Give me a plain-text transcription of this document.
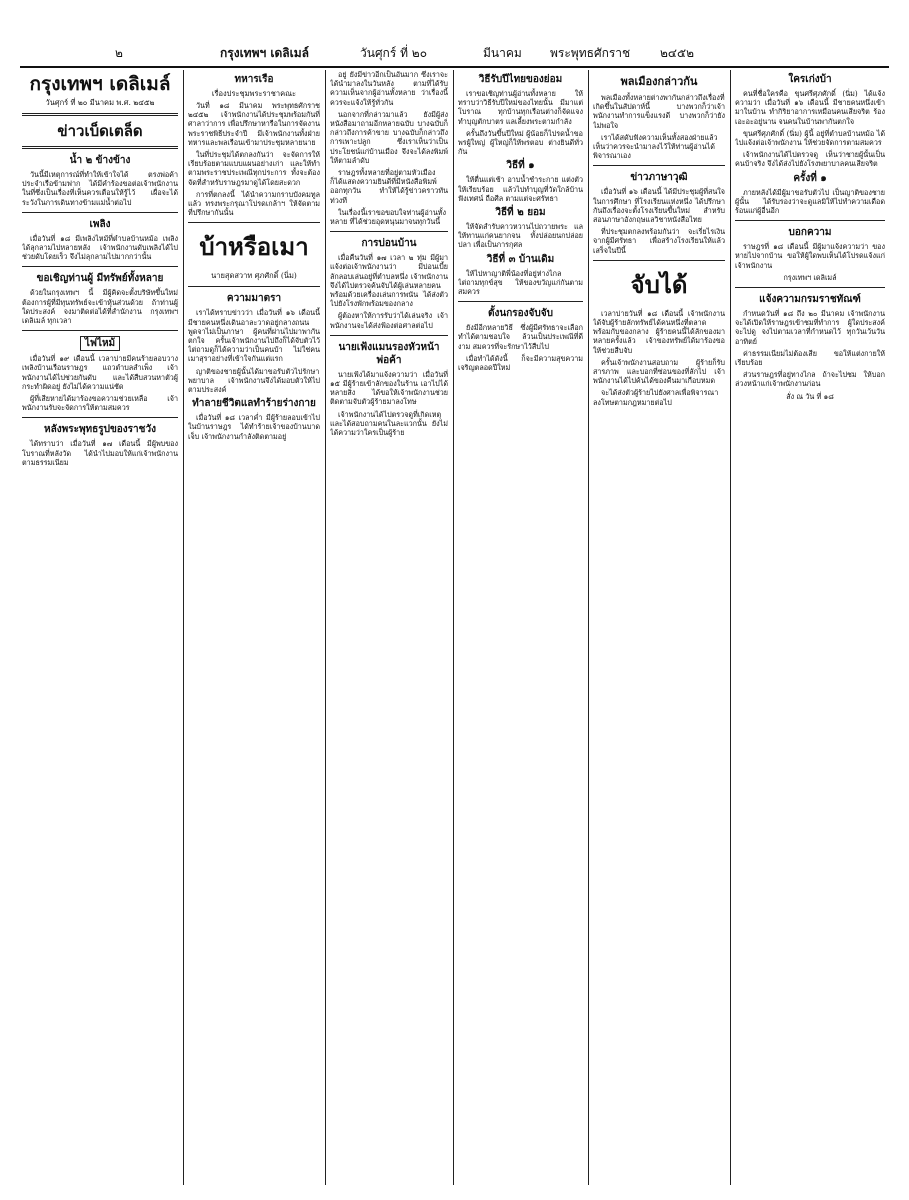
๒	กรุงเทพฯ เดลิเมล์	วันศุกร์ ที่ ๒๐	มีนาคม พระพุทธศักราช ๒๔๕๒
กรุงเทพฯ เดลิเมล์
วันศุกร์ ที่ ๒๐ มีนาคม พ.ศ. ๒๔๕๒
ข่าวเบ็ดเตล็ด
น้ำ ๒ ข้างข้าง

วันนี้มีเหตุการณ์ที่ทำให้เข้าใจได้ ตรงพ่อค้าประจำเรือข้ามฟาก ได้มีคำร้องขอต่อเจ้าพนักงานในที่ซึ่งเป็นเรื่องที่เห็นควรเตือนให้รู้ไว้ เผื่อจะได้ระวังในการเดินทางข้ามแม่น้ำต่อไป

เพลิง

เมื่อวันที่ ๑๘ มีเพลิงไหม้ที่ตำบลบ้านหม้อ เพลิงได้ลุกลามไปหลายหลัง เจ้าพนักงานดับเพลิงได้ไปช่วยดับโดยเร็ว จึงไม่ลุกลามไปมากกว่านั้น

ขอเชิญท่านผู้ มีทรัพย์ทั้งหลาย

ด้วยในกรุงเทพฯ นี้ มีผู้คิดจะตั้งบริษัทขึ้นใหม่ ต้องการผู้ที่มีทุนทรัพย์จะเข้าหุ้นส่วนด้วย ถ้าท่านผู้ใดประสงค์ จงมาติดต่อได้ที่สำนักงาน กรุงเทพฯ เดลิเมล์ ทุกเวลา

ไฟไหม้

เมื่อวันที่ ๑๙ เดือนนี้ เวลาบ่ายมีคนร้ายลอบวางเพลิงบ้านเรือนราษฎร แถวตำบลสำเพ็ง เจ้าพนักงานได้ไปช่วยกันดับ และได้สืบสวนหาตัวผู้กระทำผิดอยู่ ยังไม่ได้ความแน่ชัด

ผู้ที่เสียหายได้มาร้องขอความช่วยเหลือ เจ้าพนักงานรับจะจัดการให้ตามสมควร

หลังพระพุทธรูปของราชวัง

ได้ทราบว่า เมื่อวันที่ ๑๗ เดือนนี้ มีผู้พบของโบราณที่หลังวัด ได้นำไปมอบให้แก่เจ้าพนักงาน ตามธรรมเนียม

ทหารเรือ
เรื่องประชุมพระราชาคณะ

วันที่ ๑๘ มีนาคม พระพุทธศักราช ๒๔๕๒ เจ้าพนักงานได้ประชุมพร้อมกันที่ศาลาว่าการ เพื่อปรึกษาหารือในการจัดงานพระราชพิธีประจำปี มีเจ้าพนักงานทั้งฝ่ายทหารและพลเรือนเข้ามาประชุมหลายนาย

ในที่ประชุมได้ตกลงกันว่า จะจัดการให้เรียบร้อยตามแบบแผนอย่างเก่า และให้ทำตามพระราชประเพณีทุกประการ ทั้งจะต้องจัดที่สำหรับราษฎรมาดูได้โดยสะดวก

การที่ตกลงนี้ ได้นำความกราบบังคมทูลแล้ว ทรงพระกรุณาโปรดเกล้าฯ ให้จัดตามที่ปรึกษากันนั้น

บ้าหรือเมา
นายสุดสวาท ศุภศักดิ์ (นิ่ม)
ความมาตรา

เราได้ทราบข่าวว่า เมื่อวันที่ ๑๖ เดือนนี้ มีชายคนหนึ่งเดินอาละวาดอยู่กลางถนน พูดจาไม่เป็นภาษา ผู้คนที่ผ่านไปมาพากันตกใจ ครั้นเจ้าพนักงานไปถึงก็ได้จับตัวไว้ ไต่ถามดูก็ได้ความว่าเป็นคนบ้า ไม่ใช่คนเมาสุราอย่างที่เข้าใจกันแต่แรก

ญาติของชายผู้นั้นได้มาขอรับตัวไปรักษาพยาบาล เจ้าพนักงานจึงได้มอบตัวให้ไปตามประสงค์

ทำลายชีวิตแลทำร้ายร่างกาย

เมื่อวันที่ ๑๘ เวลาค่ำ มีผู้ร้ายลอบเข้าไปในบ้านราษฎร ได้ทำร้ายเจ้าของบ้านบาดเจ็บ เจ้าพนักงานกำลังติดตามอยู่

อยู่ ยังมีข่าวอีกเป็นอันมาก ซึ่งเราจะได้นำมาลงในวันหลัง ตามที่ได้รับความเห็นจากผู้อ่านทั้งหลาย ว่าเรื่องนี้ควรจะแจ้งให้รู้ทั่วกัน

นอกจากที่กล่าวมาแล้ว ยังมีผู้ส่งหนังสือมาถามอีกหลายฉบับ บางฉบับก็กล่าวถึงการค้าขาย บางฉบับก็กล่าวถึงการเพาะปลูก ซึ่งเราเห็นว่าเป็นประโยชน์แก่บ้านเมือง จึงจะได้ลงพิมพ์ให้ตามลำดับ

ราษฎรทั้งหลายที่อยู่ตามหัวเมือง ก็ได้แสดงความยินดีที่มีหนังสือพิมพ์ออกทุกวัน ทำให้ได้รู้ข่าวคราวทันท่วงที

ในเรื่องนี้เราขอขอบใจท่านผู้อ่านทั้งหลาย ที่ได้ช่วยอุดหนุนมาจนทุกวันนี้

การบ่อนบ้าน

เมื่อคืนวันที่ ๑๗ เวลา ๒ ทุ่ม มีผู้มาแจ้งต่อเจ้าพนักงานว่า มีบ่อนเบี้ยลักลอบเล่นอยู่ที่ตำบลหนึ่ง เจ้าพนักงานจึงได้ไปตรวจค้นจับได้ผู้เล่นหลายคน พร้อมด้วยเครื่องเล่นการพนัน ได้ส่งตัวไปยังโรงพักพร้อมของกลาง

ผู้ต้องหาให้การรับว่าได้เล่นจริง เจ้าพนักงานจะได้ส่งฟ้องต่อศาลต่อไป

นายเฟ้งแมนรองหัวหน้าพ่อค้า

นายเฟ้งได้มาแจ้งความว่า เมื่อวันที่ ๑๕ มีผู้ร้ายเข้าลักของในร้าน เอาไปได้หลายสิ่ง ได้ขอให้เจ้าพนักงานช่วยติดตามจับตัวผู้ร้ายมาลงโทษ

เจ้าพนักงานได้ไปตรวจดูที่เกิดเหตุ และได้สอบถามคนในละแวกนั้น ยังไม่ได้ความว่าใครเป็นผู้ร้าย

วิธีรับปีไทยของย่อม

เราขอเชิญท่านผู้อ่านทั้งหลาย ให้ทราบว่าวิธีรับปีใหม่ของไทยนั้น มีมาแต่โบราณ ทุกบ้านทุกเรือนต่างก็จัดแจงทำบุญตักบาตร แลเลี้ยงพระตามกำลัง

ครั้นถึงวันขึ้นปีใหม่ ผู้น้อยก็ไปรดน้ำขอพรผู้ใหญ่ ผู้ใหญ่ก็ให้พรตอบ ต่างยินดีทั่วกัน

วิธีที่ ๑

ให้ตื่นแต่เช้า อาบน้ำชำระกาย แต่งตัวให้เรียบร้อย แล้วไปทำบุญที่วัดใกล้บ้าน ฟังเทศน์ ถือศีล ตามแต่จะศรัทธา

วิธีที่ ๒ ยอม

ให้จัดสำรับคาวหวานไปถวายพระ แลให้ทานแก่คนยากจน ทั้งปล่อยนกปล่อยปลา เพื่อเป็นการกุศล

วิธีที่ ๓ บ้านเดิม

ให้ไปหาญาติพี่น้องที่อยู่ห่างไกล ไต่ถามทุกข์สุข ให้ของขวัญแก่กันตามสมควร

ตั้งนกรองจับจับ

ยังมีอีกหลายวิธี ซึ่งผู้มีศรัทธาจะเลือกทำได้ตามชอบใจ ล้วนเป็นประเพณีที่ดีงาม สมควรที่จะรักษาไว้สืบไป

เมื่อทำได้ดังนี้ ก็จะมีความสุขความเจริญตลอดปีใหม่

พลเมืองกล่าวกัน

พลเมืองทั้งหลายต่างพากันกล่าวถึงเรื่องที่เกิดขึ้นในสัปดาห์นี้ บางพวกก็ว่าเจ้าพนักงานทำการแข็งแรงดี บางพวกก็ว่ายังไม่พอใจ

เราได้สดับฟังความเห็นทั้งสองฝ่ายแล้ว เห็นว่าควรจะนำมาลงไว้ให้ท่านผู้อ่านได้พิจารณาเอง

ข่าวภาษาวุฒิ

เมื่อวันที่ ๑๖ เดือนนี้ ได้มีประชุมผู้ที่สนใจในการศึกษา ที่โรงเรียนแห่งหนึ่ง ได้ปรึกษากันถึงเรื่องจะตั้งโรงเรียนขึ้นใหม่ สำหรับสอนภาษาอังกฤษแลวิชาหนังสือไทย

ที่ประชุมตกลงพร้อมกันว่า จะเรี่ยไรเงินจากผู้มีศรัทธา เพื่อสร้างโรงเรียนให้แล้วเสร็จในปีนี้

จับได้

เวลาบ่ายวันที่ ๑๘ เดือนนี้ เจ้าพนักงานได้จับผู้ร้ายลักทรัพย์ได้คนหนึ่งที่ตลาด พร้อมกับของกลาง ผู้ร้ายคนนี้ได้ลักของมาหลายครั้งแล้ว เจ้าของทรัพย์ได้มาร้องขอให้ช่วยสืบจับ

ครั้นเจ้าพนักงานสอบถาม ผู้ร้ายก็รับสารภาพ และบอกที่ซ่อนของที่ลักไป เจ้าพนักงานได้ไปค้นได้ของคืนมาเกือบหมด

จะได้ส่งตัวผู้ร้ายไปยังศาลเพื่อพิจารณาลงโทษตามกฎหมายต่อไป

ใครเก่งบ้า

คนที่ชื่อใครคือ ขุนศรีศุภศักดิ์ (นิ่ม) ได้แจ้งความว่า เมื่อวันที่ ๑๖ เดือนนี้ มีชายคนหนึ่งเข้ามาในบ้าน ทำกิริยาอาการเหมือนคนเสียจริต ร้องเอะอะอยู่นาน จนคนในบ้านพากันตกใจ

ขุนศรีศุภศักดิ์ (นิ่ม) ผู้นี้ อยู่ที่ตำบลบ้านหม้อ ได้ไปแจ้งต่อเจ้าพนักงาน ให้ช่วยจัดการตามสมควร

เจ้าพนักงานได้ไปตรวจดู เห็นว่าชายผู้นั้นเป็นคนบ้าจริง จึงได้ส่งไปยังโรงพยาบาลคนเสียจริต

ครั้งที่ ๑

ภายหลังได้มีผู้มาขอรับตัวไป เป็นญาติของชายผู้นั้น ได้รับรองว่าจะดูแลมิให้ไปทำความเดือดร้อนแก่ผู้อื่นอีก

บอกความ

ราษฎรที่ ๑๘ เดือนนี้ มีผู้มาแจ้งความว่า ของหายไปจากบ้าน ขอให้ผู้ใดพบเห็นได้โปรดแจ้งแก่เจ้าพนักงาน

กรุงเทพฯ เดลิเมล์

แจ้งความกรมราชทัณฑ์

กำหนดวันที่ ๑๘ ถึง ๒๐ มีนาคม เจ้าพนักงานจะได้เปิดให้ราษฎรเข้าชมที่ทำการ ผู้ใดประสงค์จะไปดู จงไปตามเวลาที่กำหนดไว้ ทุกวันเว้นวันอาทิตย์

ค่าธรรมเนียมไม่ต้องเสีย ขอให้แต่งกายให้เรียบร้อย

ส่วนราษฎรที่อยู่ทางไกล ถ้าจะไปชม ให้บอกล่วงหน้าแก่เจ้าพนักงานก่อน

สั่ง ณ วัน ที่ ๑๘
